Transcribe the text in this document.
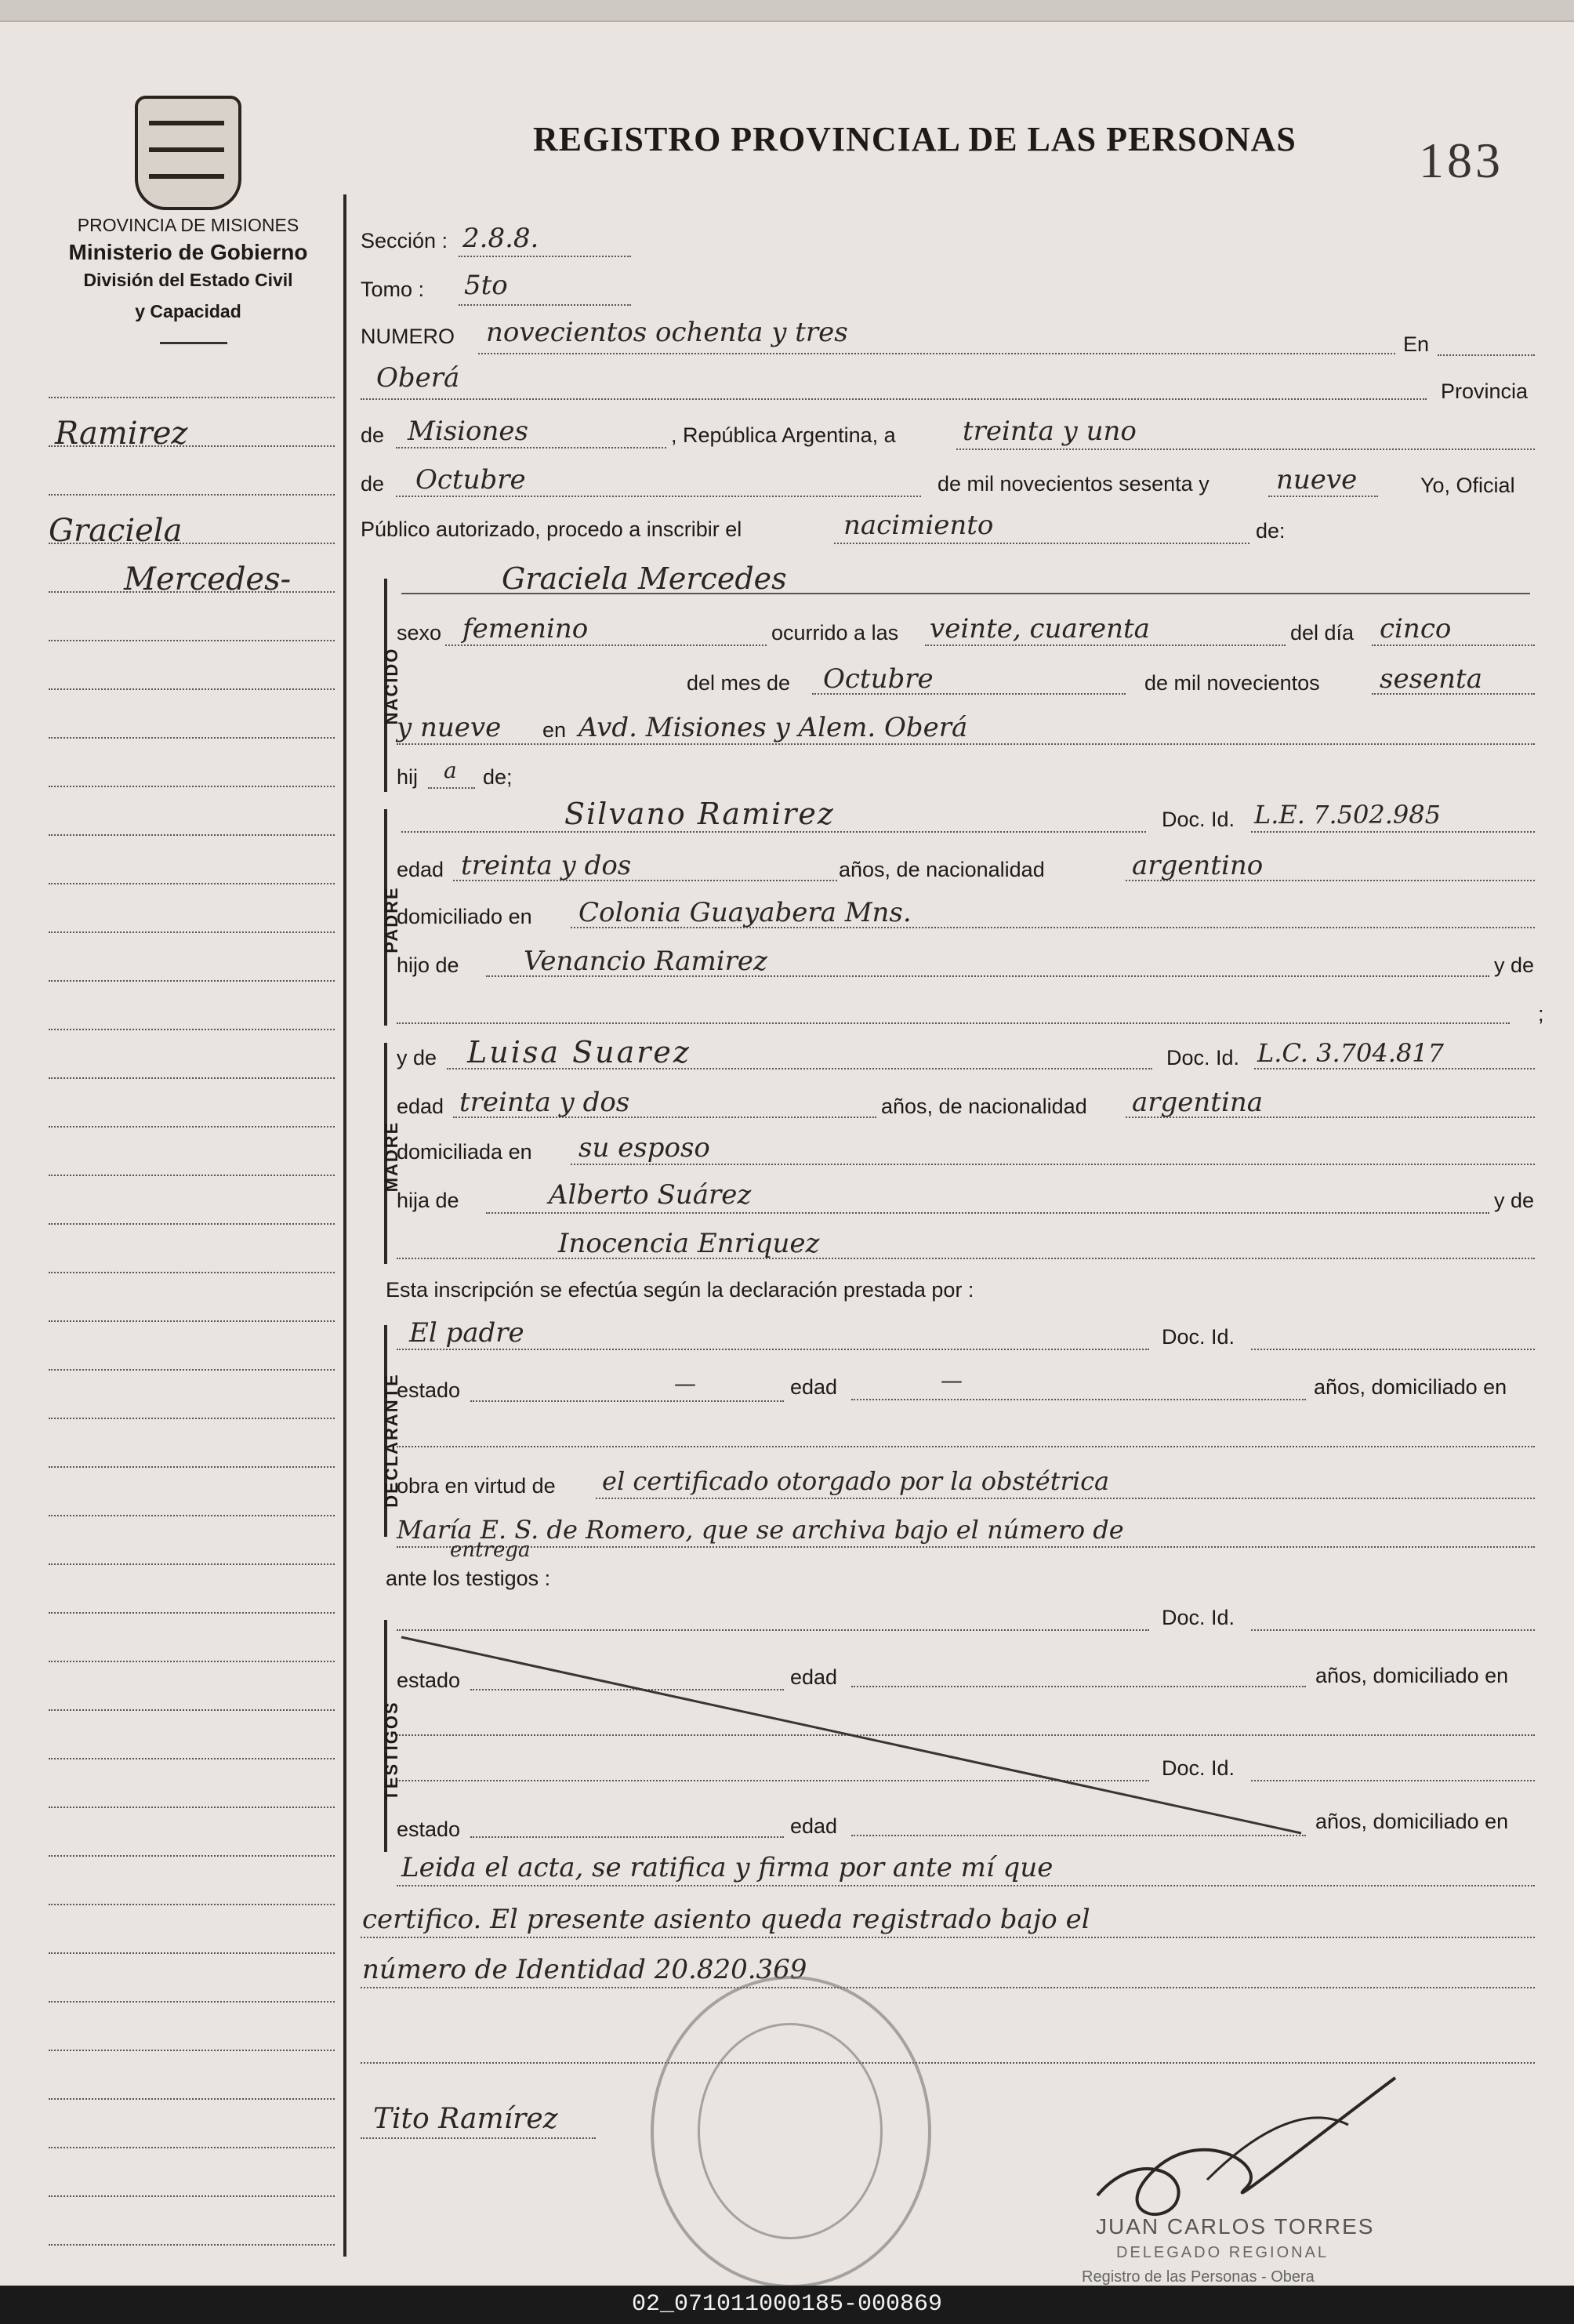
PROVINCIA DE MISIONES
Ministerio de Gobierno
División del Estado Civil
y Capacidad
REGISTRO PROVINCIAL DE LAS PERSONAS	183
Ramirez
Graciela
Mercedes-
Sección : 2.8.8.
Tomo : 5to
NUMERO novecientos ochenta y tres	En
Oberá	Provincia
de Misiones	, República Argentina, a	treinta y uno
de Octubre	de mil novecientos sesenta y	nueve	Yo, Oficial
Público autorizado, procedo a inscribir el	nacimiento	de:
NACIDO
Graciela Mercedes
sexo femenino	ocurrido a las veinte, cuarenta	del día cinco
del mes de Octubre	de mil novecientos sesenta
y nueve en Avd. Misiones y Alem. Oberá
hij a de;
PADRE
Silvano Ramirez	Doc. Id. L.E. 7.502.985
edad treinta y dos	años, de nacionalidad	argentino
domiciliado en Colonia Guayabera Mns.
hijo de Venancio Ramirez	y de
;
MADRE
y de Luisa Suarez	Doc. Id. L.C. 3.704.817
edad treinta y dos	años, de nacionalidad argentina
domiciliada en su esposo
hija de	Alberto Suárez	y de
Inocencia Enriquez
Esta inscripción se efectúa según la declaración prestada por :
DECLARANTE
El padre	Doc. Id.
estado	—	edad	—	años, domiciliado en
obra en virtud de el certificado otorgado por la obstétrica
María E. S. de Romero, que se archiva bajo el número de
entrega
ante los testigos :
TESTIGOS
Doc. Id.
estado	edad	años, domiciliado en
Doc. Id.
estado	edad	años, domiciliado en
Leida el acta, se ratifica y firma por ante mí que
certifico. El presente asiento queda registrado bajo el
número de Identidad 20.820.369
Tito Ramírez
JUAN CARLOS TORRES
DELEGADO REGIONAL
Registro de las Personas - Obera
02_071011000185-000869
